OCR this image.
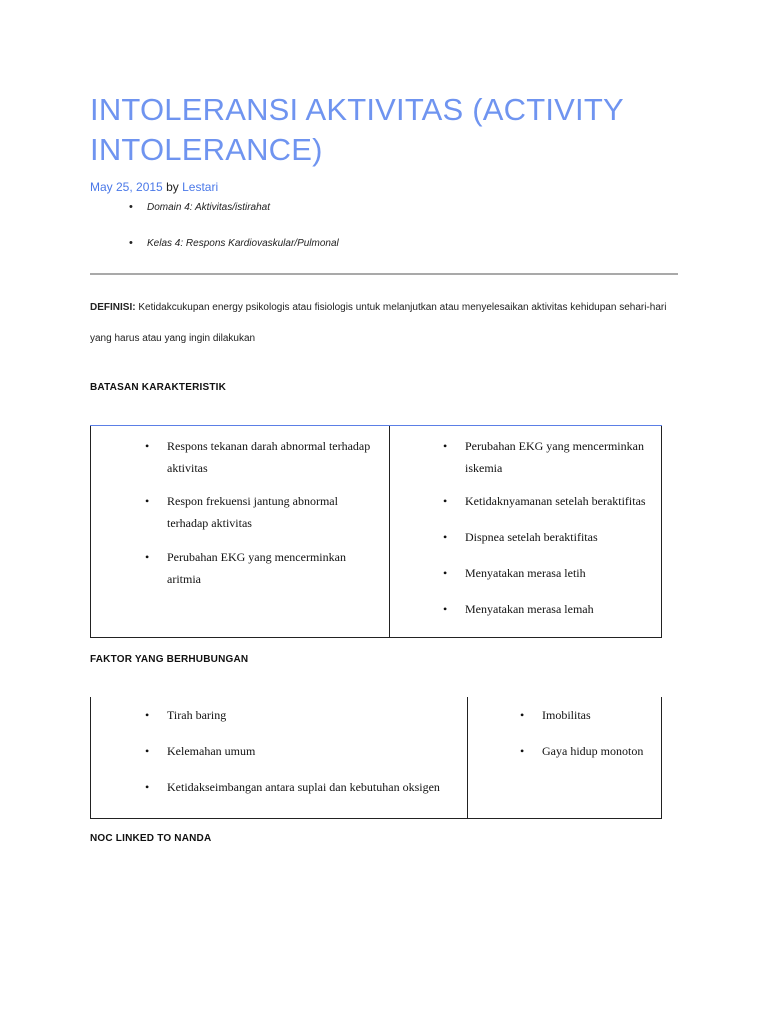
INTOLERANSI AKTIVITAS (ACTIVITY INTOLERANCE)
May 25, 2015 by Lestari
• Domain 4: Aktivitas/istirahat
• Kelas 4: Respons Kardiovaskular/Pulmonal
DEFINISI: Ketidakcukupan energy psikologis atau fisiologis untuk melanjutkan atau menyelesaikan aktivitas kehidupan sehari-hari yang harus atau yang ingin dilakukan
BATASAN KARAKTERISTIK
• Respons tekanan darah abnormal terhadap
aktivitas
• Respon frekuensi jantung abnormal
terhadap aktivitas
• Perubahan EKG yang mencerminkan
aritmia
• Perubahan EKG yang mencerminkan
iskemia
• Ketidaknyamanan setelah beraktifitas
• Dispnea setelah beraktifitas
• Menyatakan merasa letih
• Menyatakan merasa lemah
FAKTOR YANG BERHUBUNGAN
• Tirah baring
• Kelemahan umum
• Ketidakseimbangan antara suplai dan kebutuhan oksigen
• Imobilitas
• Gaya hidup monoton
NOC LINKED TO NANDA
